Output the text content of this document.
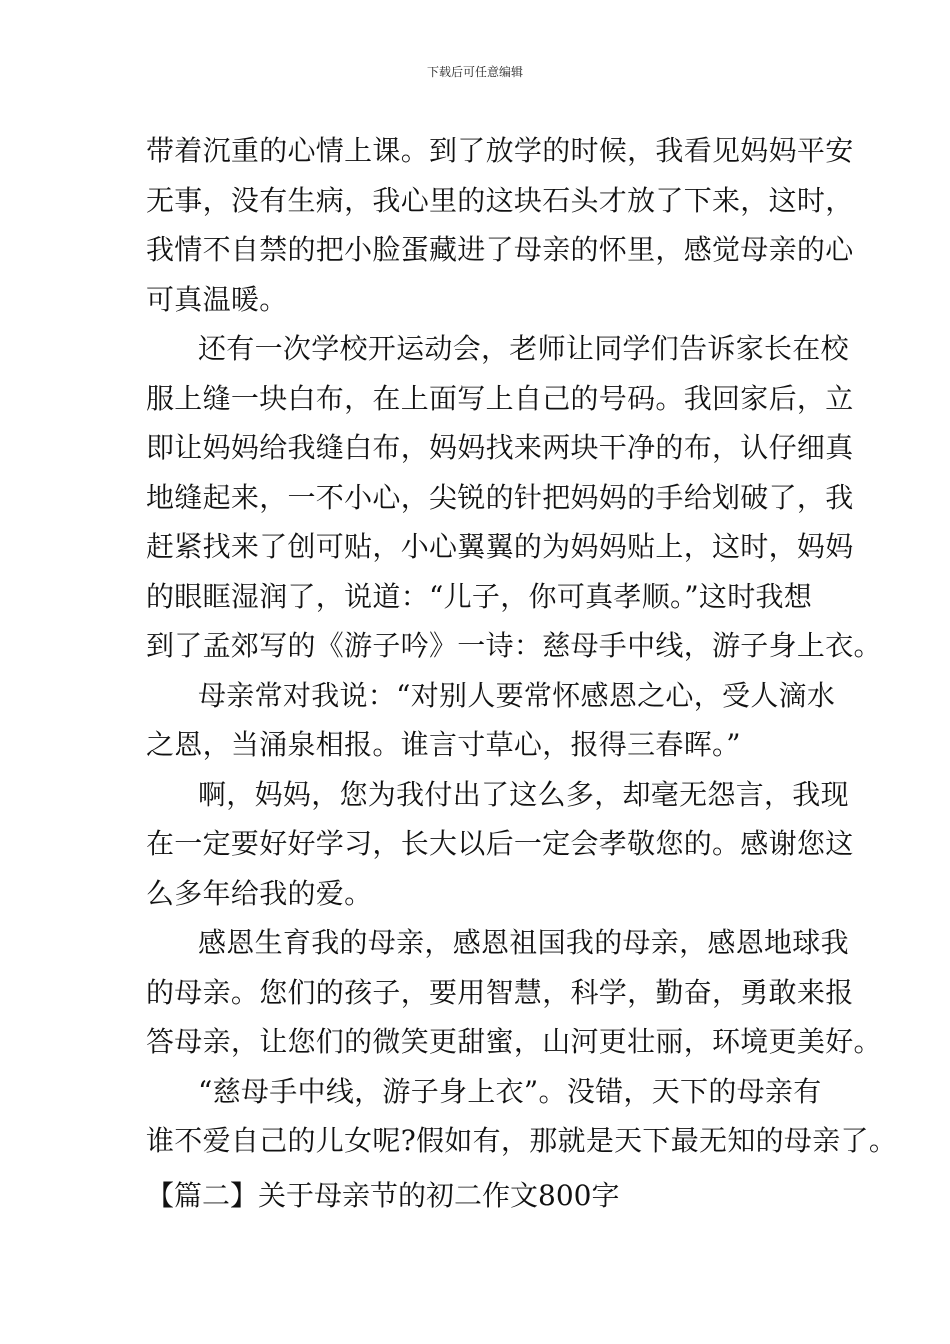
下载后可任意编辑
带着沉重的心情上课。到了放学的时候，我看见妈妈平安
无事，没有生病，我心里的这块石头才放了下来，这时，
我情不自禁的把小脸蛋藏进了母亲的怀里，感觉母亲的心
可真温暖。
还有一次学校开运动会，老师让同学们告诉家长在校
服上缝一块白布，在上面写上自己的号码。我回家后，立
即让妈妈给我缝白布，妈妈找来两块干净的布，认仔细真
地缝起来，一不小心，尖锐的针把妈妈的手给划破了，我
赶紧找来了创可贴，小心翼翼的为妈妈贴上，这时，妈妈
的眼眶湿润了，说道：“儿子，你可真孝顺。”这时我想
到了孟郊写的《游子吟》一诗：慈母手中线，游子身上衣。
母亲常对我说：“对别人要常怀感恩之心，受人滴水
之恩，当涌泉相报。谁言寸草心，报得三春晖。”
啊，妈妈，您为我付出了这么多，却毫无怨言，我现
在一定要好好学习，长大以后一定会孝敬您的。感谢您这
么多年给我的爱。
感恩生育我的母亲，感恩祖国我的母亲，感恩地球我
的母亲。您们的孩子，要用智慧，科学，勤奋，勇敢来报
答母亲，让您们的微笑更甜蜜，山河更壮丽，环境更美好。
“慈母手中线，游子身上衣”。没错，天下的母亲有
谁不爱自己的儿女呢?假如有，那就是天下最无知的母亲了。
【篇二】关于母亲节的初二作文800字
